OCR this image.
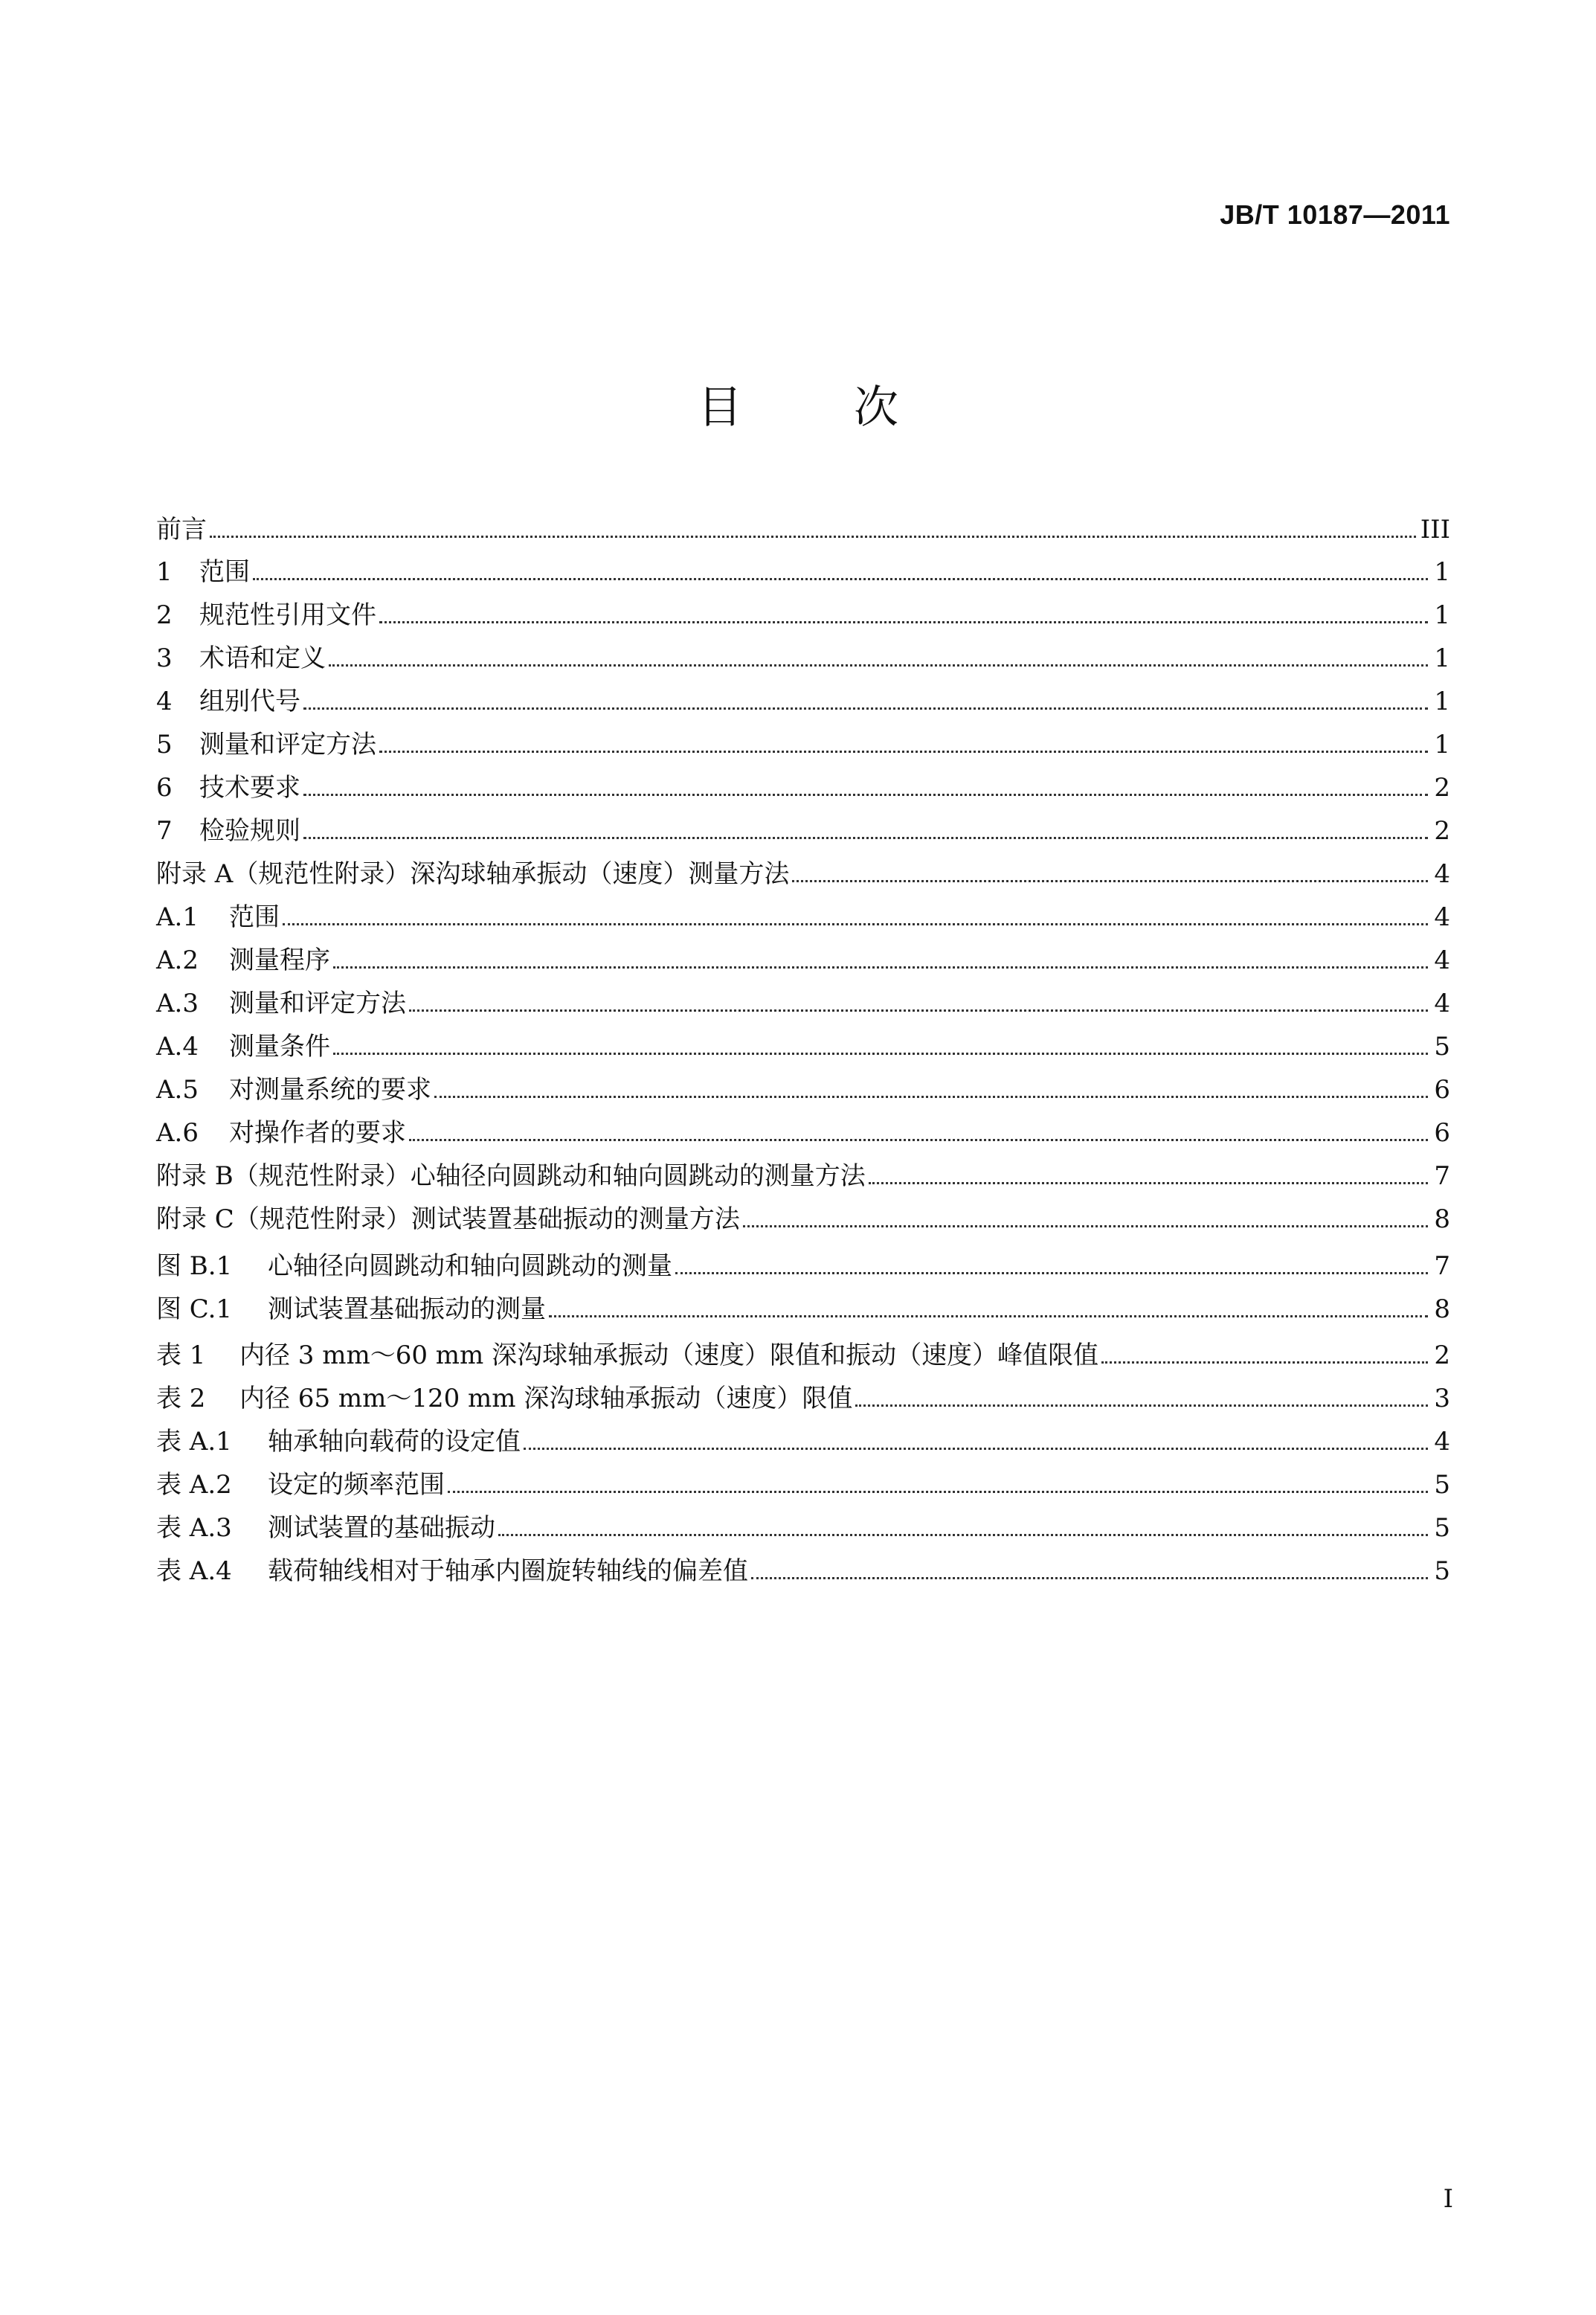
JB/T 10187—2011
目次
前言	III
1	范围	1
2	规范性引用文件	1
3	术语和定义	1
4	组别代号	1
5	测量和评定方法	1
6	技术要求	2
7	检验规则	2
附录 A（规范性附录）深沟球轴承振动（速度）测量方法	4
A.1	范围	4
A.2	测量程序	4
A.3	测量和评定方法	4
A.4	测量条件	5
A.5	对测量系统的要求	6
A.6	对操作者的要求	6
附录 B（规范性附录）心轴径向圆跳动和轴向圆跳动的测量方法	7
附录 C（规范性附录）测试装置基础振动的测量方法	8
图 B.1	心轴径向圆跳动和轴向圆跳动的测量	7
图 C.1	测试装置基础振动的测量	8
表 1	内径 3 mm～60 mm 深沟球轴承振动（速度）限值和振动（速度）峰值限值	2
表 2	内径 65 mm～120 mm 深沟球轴承振动（速度）限值	3
表 A.1	轴承轴向载荷的设定值	4
表 A.2	设定的频率范围	5
表 A.3	测试装置的基础振动	5
表 A.4	载荷轴线相对于轴承内圈旋转轴线的偏差值	5
I
